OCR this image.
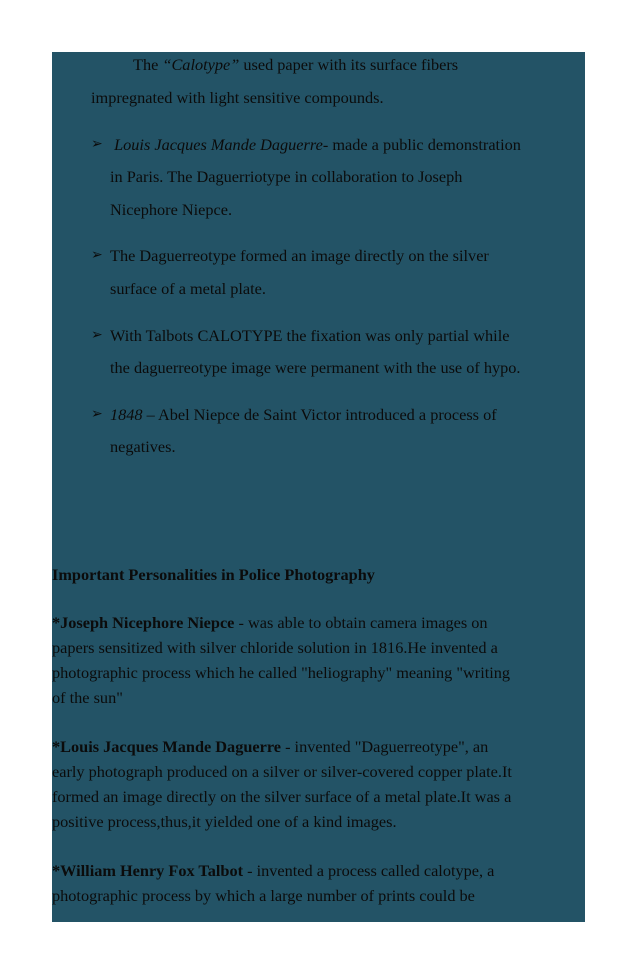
The “Calotype” used paper with its surface fibers
impregnated with light sensitive compounds.
➢ Louis Jacques Mande Daguerre- made a public demonstration
in Paris. The Daguerriotype in collaboration to Joseph
Nicephore Niepce.
➢ The Daguerreotype formed an image directly on the silver
surface of a metal plate.
➢ With Talbots CALOTYPE the fixation was only partial while
the daguerreotype image were permanent with the use of hypo.
➢ 1848 – Abel Niepce de Saint Victor introduced a process of
negatives.
Important Personalities in Police Photography
*Joseph Nicephore Niepce - was able to obtain camera images on
papers sensitized with silver chloride solution in 1816.He invented a
photographic process which he called "heliography" meaning "writing
of the sun"
*Louis Jacques Mande Daguerre - invented "Daguerreotype", an
early photograph produced on a silver or silver-covered copper plate.It
formed an image directly on the silver surface of a metal plate.It was a
positive process,thus,it yielded one of a kind images.
*William Henry Fox Talbot - invented a process called calotype, a
photographic process by which a large number of prints could be
